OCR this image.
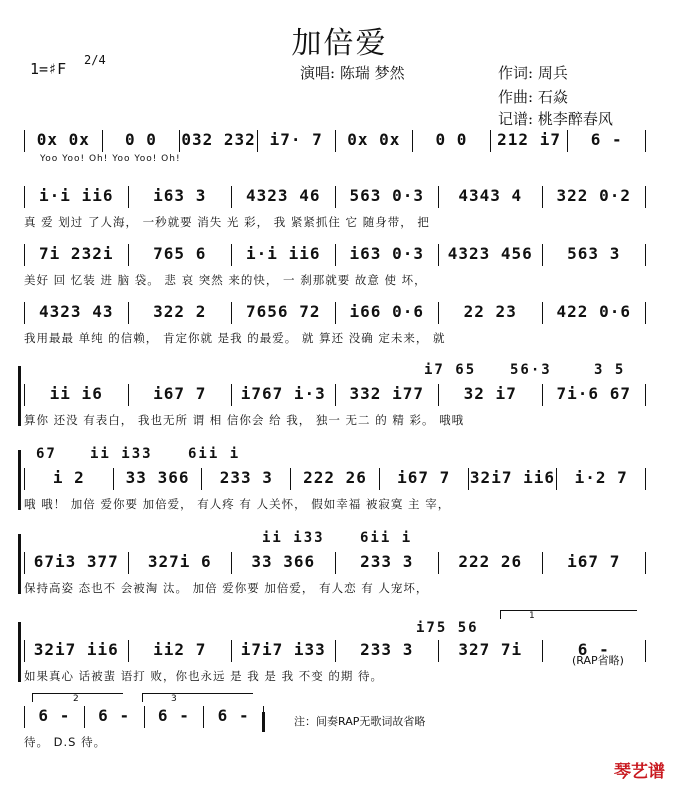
加倍爱
1=♯F 2/4
演唱: 陈瑞 梦然	作词: 周兵
作曲: 石焱
记谱: 桃李醉春风
0x 0x	0 0	032 232 i7· 7	0x 0x	0 0	212 i7	6 -
Yoo Yoo! Oh! Yoo Yoo! Oh!
i·i ii6	i63 3	4323 46	563 0·3	4343 4	322 0·2
真 爱 划过 了人海， 一秒就要 消失 光 彩， 我 紧紧抓住 它 随身带， 把
7i 232i	765 6	i·i ii6	i63 0·3	4323 456	563 3
美好 回 忆装 进 脑 袋。 悲 哀 突然 来的快， 一 刹那就要 故意 使 坏，
4323 43	322 2	7656 72	i66 0·6	22 23	422 0·6
我用最最 单纯 的信赖， 肯定你就 是我 的最爱。 就 算还 没确 定未来， 就
ii i6	i67 7	i767 i·3	332 i77	32 i7	7i·6 67
算你 还没 有表白， 我也无所 谓 相 信你会 给 我， 独一 无二 的 精 彩。 哦哦
i 2	33 366	233 3	222 26	i67 7	32i7 ii6	i·2 7
哦 哦！ 加倍 爱你要 加倍爱， 有人疼 有 人关怀， 假如幸福 被寂寞 主 宰，
67i3 377	327i 6	33 366	233 3	222 26	i67 7
保持高姿 态也不 会被淘 汰。 加倍 爱你要 加倍爱， 有人恋 有 人宠坏，
32i7 ii6	ii2 7	i7i7 i33	233 3	327 7i	6 -
如果真心 话被蜚 语打 败，你也永远 是 我 是 我 不变 的期 待。
6 -	6 -	6 -	6 -
待。 D.S 待。
i7 65 56·3	3 5
67 ii i33	6ii i
ii i33	6ii i
i75 56
(RAP省略)
注：间奏RAP无歌词故省略
1
2	3
琴艺谱
